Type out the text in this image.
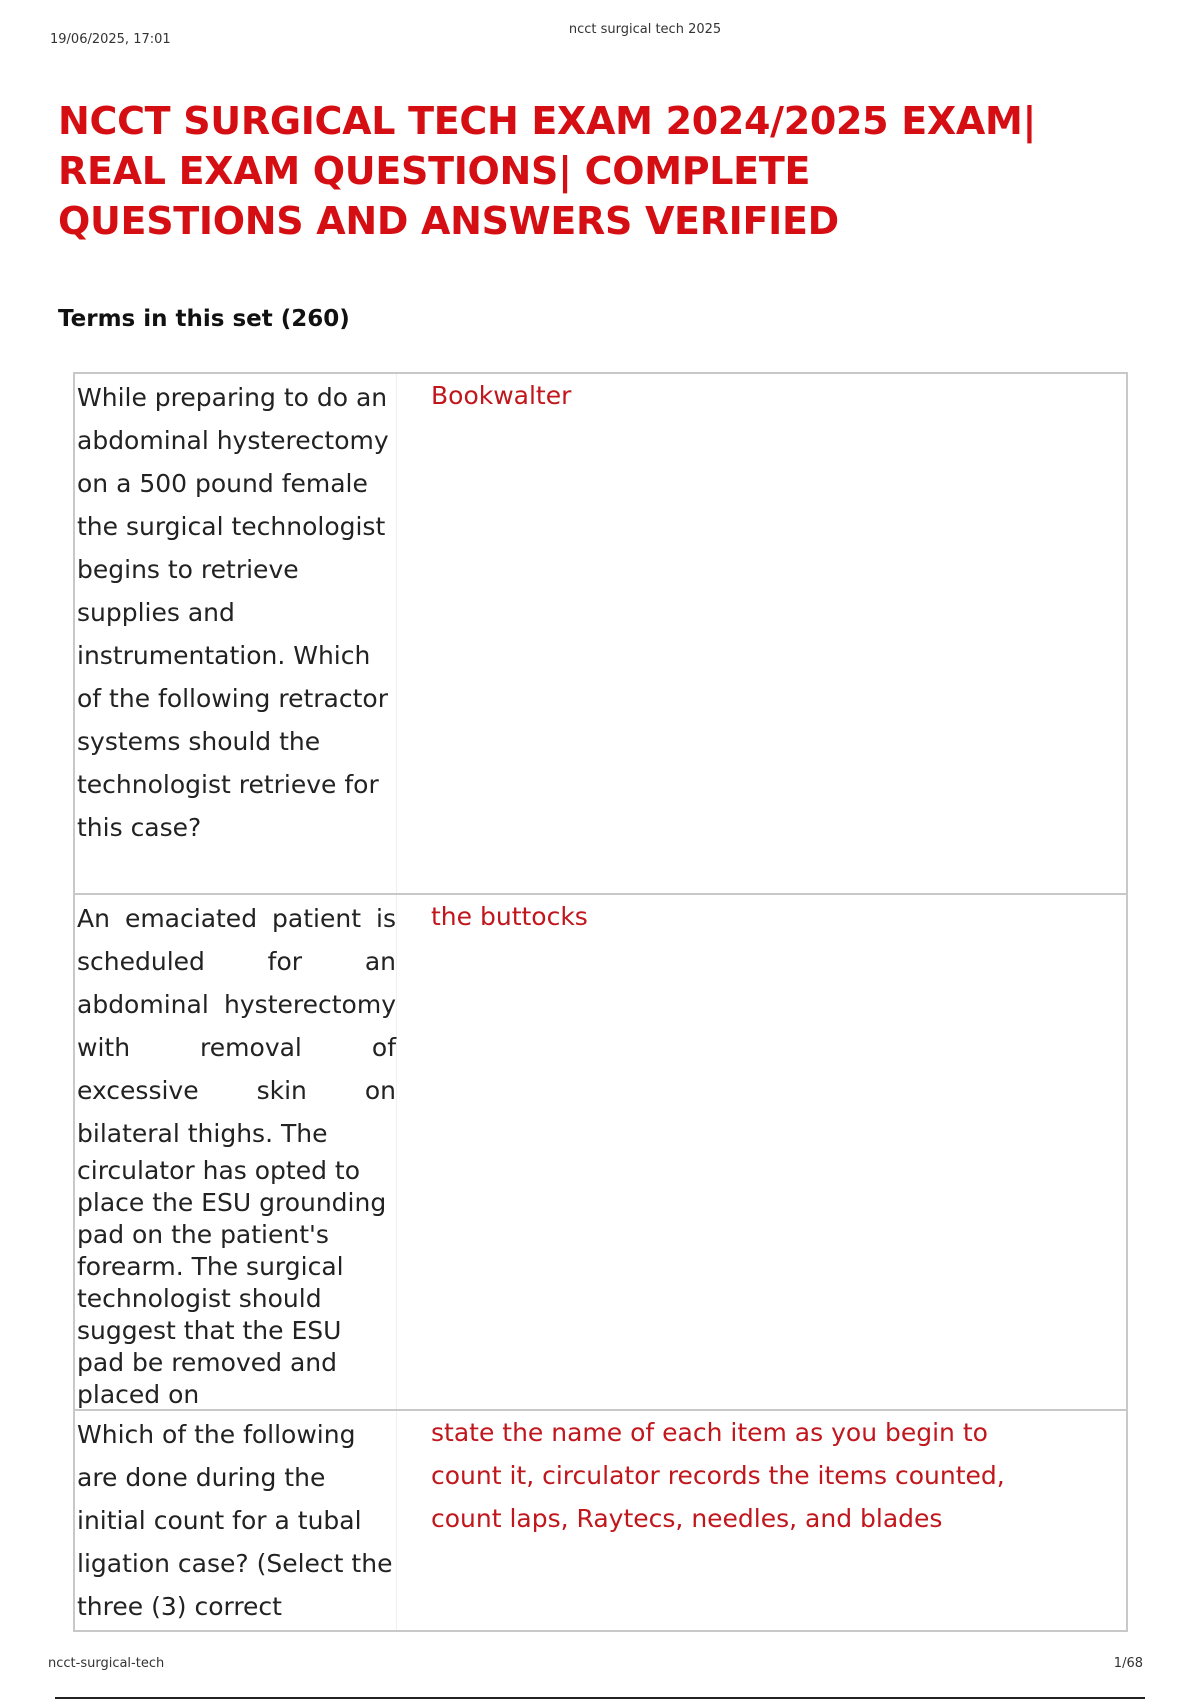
19/06/2025, 17:01
ncct surgical tech 2025
NCCT SURGICAL TECH EXAM 2024/2025 EXAM| REAL EXAM QUESTIONS| COMPLETE QUESTIONS AND ANSWERS VERIFIED
Terms in this set (260)
While preparing to do an abdominal hysterectomy on a 500 pound female the surgical technologist begins to retrieve supplies and instrumentation. Which of the following retractor systems should the technologist retrieve for this case?
Bookwalter
An emaciated patient is scheduled for an abdominal hysterectomy with removal of excessive skin on bilateral thighs. The
circulator has opted to place the ESU grounding pad on the patient's forearm. The surgical technologist should suggest that the ESU pad be removed and placed on
the buttocks
Which of the following are done during the initial count for a tubal ligation case? (Select the three (3) correct
state the name of each item as you begin to count it, circulator records the items counted, count laps, Raytecs, needles, and blades
ncct-surgical-tech	1/68
